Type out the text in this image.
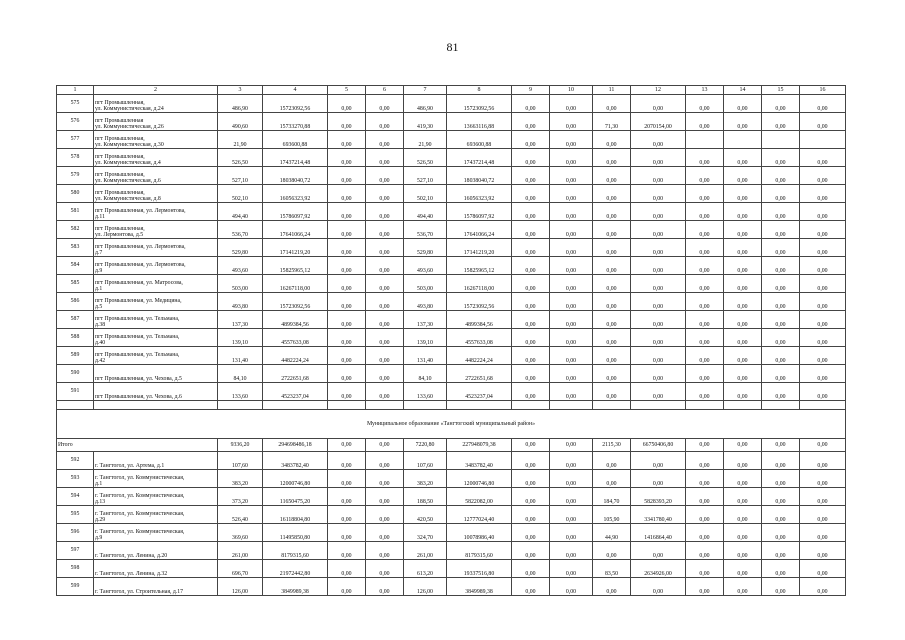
81
1	2	3	4	5	6	7	8	9	10	11	12	13	14	15	16
575	пгт Промышленная,
ул. Коммунистическая, д.24	486,90	15723092,56	0,00	0,00	486,90	15723092,56	0,00	0,00	0,00	0,00	0,00	0,00	0,00	0,00
576	пгт Промышленная
ул. Коммунистическая, д.26	490,60	15733270,88	0,00	0,00	419,30	13663116,88	0,00	0,00	71,30	2070154,00	0,00	0,00	0,00	0,00
577	пгт Промышленная,
ул. Коммунистическая, д.30	21,90	693600,88	0,00	0,00	21,90	693600,88	0,00	0,00	0,00	0,00				
578	пгт Промышленная,
ул. Коммунистическая, д.4	526,50	17437214,48	0,00	0,00	526,50	17437214,48	0,00	0,00	0,00	0,00	0,00	0,00	0,00	0,00
579	пгт Промышленная,
ул. Коммунистическая, д.6	527,10	18038040,72	0,00	0,00	527,10	18038040,72	0,00	0,00	0,00	0,00	0,00	0,00	0,00	0,00
580	пгт Промышленная,
ул. Коммунистическая, д.8	502,10	16056323,92	0,00	0,00	502,10	16056323,92	0,00	0,00	0,00	0,00	0,00	0,00	0,00	0,00
581	пгт Промышленная, ул. Лермонтова,
д.11	494,40	15786097,92	0,00	0,00	494,40	15786097,92	0,00	0,00	0,00	0,00	0,00	0,00	0,00	0,00
582	пгт Промышленная,
ул. Лермонтова, д.5	536,70	17641066,24	0,00	0,00	536,70	17641066,24	0,00	0,00	0,00	0,00	0,00	0,00	0,00	0,00
583	пгт Промышленная, ул. Лермонтова,
д.7	529,80	17141219,20	0,00	0,00	529,80	17141219,20	0,00	0,00	0,00	0,00	0,00	0,00	0,00	0,00
584	пгт Промышленная, ул. Лермонтова,
д.9	493,60	15825965,12	0,00	0,00	493,60	15825965,12	0,00	0,00	0,00	0,00	0,00	0,00	0,00	0,00
585	пгт Промышленная, ул. Матросова,
д.1	503,00	16267118,00	0,00	0,00	503,00	16267118,00	0,00	0,00	0,00	0,00	0,00	0,00	0,00	0,00
586	пгт Промышленная, ул. Медицина,
д.5	493,80	15723092,56	0,00	0,00	493,80	15723092,56	0,00	0,00	0,00	0,00	0,00	0,00	0,00	0,00
587	пгт Промышленная, ул. Тельмана,
д.38	137,30	4899384,56	0,00	0,00	137,30	4899384,56	0,00	0,00	0,00	0,00	0,00	0,00	0,00	0,00
588	пгт Промышленная, ул. Тельмана,
д.40	139,10	4557633,08	0,00	0,00	139,10	4557633,08	0,00	0,00	0,00	0,00	0,00	0,00	0,00	0,00
589	пгт Промышленная, ул. Тельмана,
д.42	131,40	4482224,24	0,00	0,00	131,40	4482224,24	0,00	0,00	0,00	0,00	0,00	0,00	0,00	0,00
590	пгт Промышленная, ул. Чехова, д.5	84,10	2722651,68	0,00	0,00	84,10	2722651,68	0,00	0,00	0,00	0,00	0,00	0,00	0,00	0,00
591	пгт Промышленная, ул. Чехова, д.6	133,60	4523237,04	0,00	0,00	133,60	4523237,04	0,00	0,00	0,00	0,00	0,00	0,00	0,00	0,00

Муниципальное образование «Тангтогский муниципальный район»															
Итого		9336,20	294698486,18	0,00	0,00	7220,80	227948079,38	0,00	0,00	2115,30	66750406,80	0,00	0,00	0,00	0,00
592	г. Тангтогол, ул. Артема, д.1	107,60	3483782,40	0,00	0,00	107,60	3483782,40	0,00	0,00	0,00	0,00	0,00	0,00	0,00	0,00
593	г. Тангтогол, ул. Коммунистическая,
д.1	383,20	12000746,80	0,00	0,00	383,20	12000746,80	0,00	0,00	0,00	0,00	0,00	0,00	0,00	0,00
594	г. Тангтогол, ул. Коммунистическая,
д.13	373,20	11650475,20	0,00	0,00	188,50	5822082,00	0,00	0,00	184,70	5828393,20	0,00	0,00	0,00	0,00
595	г. Тангтогол, ул. Коммунистическая,
д.29	526,40	16118804,80	0,00	0,00	420,50	12777024,40	0,00	0,00	105,90	3341780,40	0,00	0,00	0,00	0,00
596	г. Тангтогол, ул. Коммунистическая,
д.9	369,60	11495850,80	0,00	0,00	324,70	10078986,40	0,00	0,00	44,90	1416864,40	0,00	0,00	0,00	0,00
597	г. Тангтогол, ул. Ленина, д.20	261,00	8179315,60	0,00	0,00	261,00	8179315,60	0,00	0,00	0,00	0,00	0,00	0,00	0,00	0,00
598	г. Тангтогол, ул. Ленина, д.32	696,70	21972442,80	0,00	0,00	613,20	19337516,80	0,00	0,00	83,50	2634926,00	0,00	0,00	0,00	0,00
599	г. Тангтогол, ул. Строительная, д.17	126,00	3849989,38	0,00	0,00	126,00	3849989,38	0,00	0,00	0,00	0,00	0,00	0,00	0,00	0,00
